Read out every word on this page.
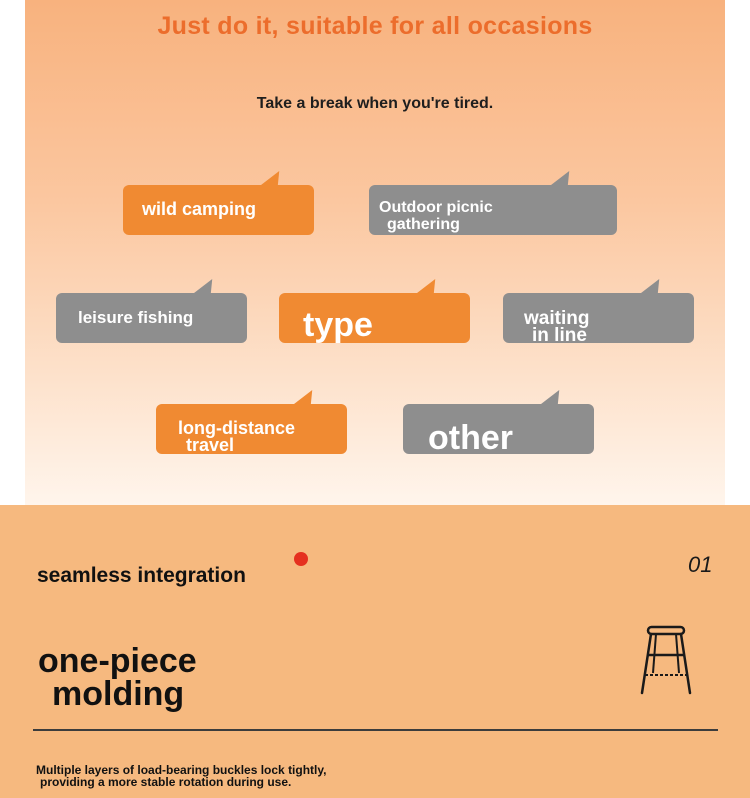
Just do it, suitable for all occasions
Take a break when you're tired.
wild camping	Outdoor picnic
gathering
leisure fishing	type	waiting
in line
long-distance
travel	other
seamless integration	01
one-piece
molding
Multiple layers of load-bearing buckles lock tightly,
providing a more stable rotation during use.
